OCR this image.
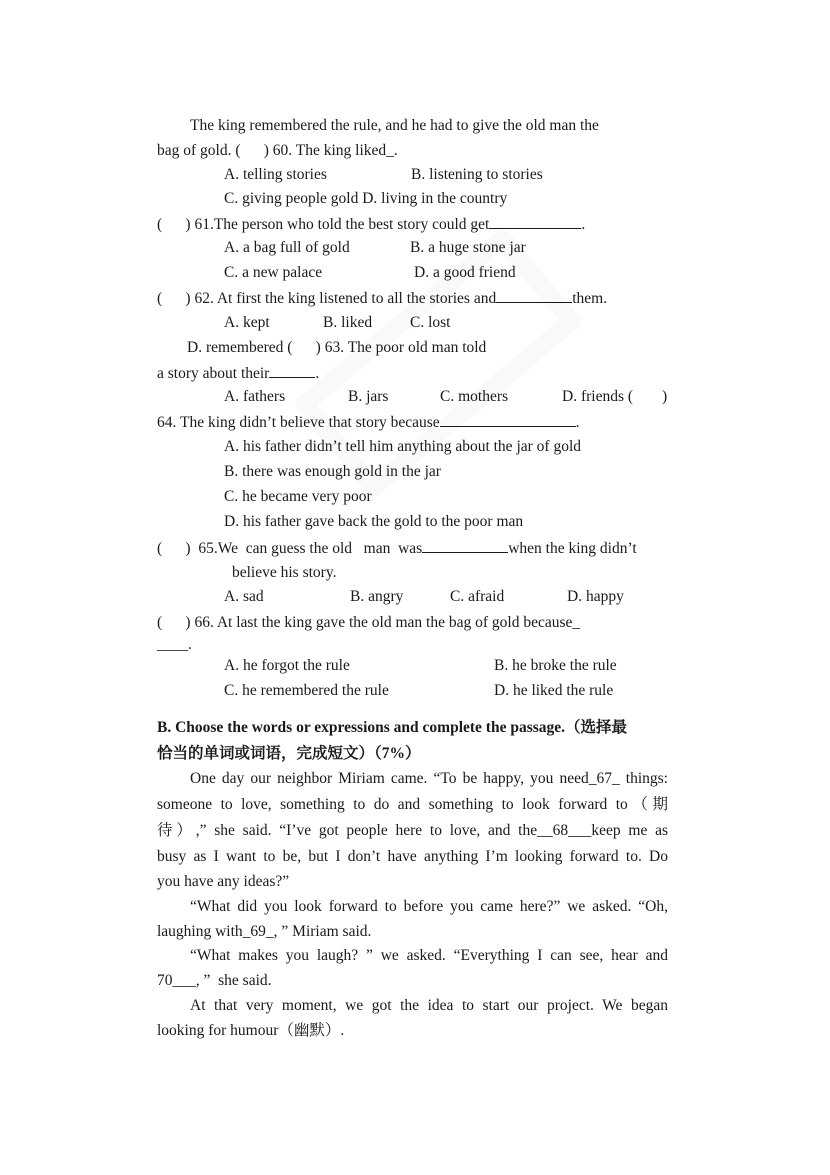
The king remembered the rule, and he had to give the old man the
bag of gold. (      ) 60. The king liked_.
A. telling stories	B. listening to stories
C. giving people gold D. living in the country
(      ) 61.The person who told the best story could get	.
A. a bag full of gold	B. a huge stone jar
C. a new palace	D. a good friend
(      ) 62. At first the king listened to all the stories and	them.
A. kept	B. liked C. lost
D. remembered (      ) 63. The poor old man told
a story about their	.
A. fathers	B. jars	C. mothers	D. friends ( )
64. The king didn’t believe that story because	.
A. his father didn’t tell him anything about the jar of gold
B. there was enough gold in the jar
C. he became very poor
D. his father gave back the gold to the poor man
(      )  65.We  can guess the old   man  was	when the king didn’t
believe his story.
A. sad	B. angry	C. afraid	D. happy
(      ) 66. At last the king gave the old man the bag of gold because_
____.
A. he forgot the rule	B. he broke the rule
C. he remembered the rule	D. he liked the rule
B. Choose the words or expressions and complete the passage.（选择最
恰当的单词或词语，完成短文）（7%）
One day our neighbor Miriam came. “To be happy, you need_67_ things:
someone to love, something to do and something to look forward to（期
待）,” she said. “I’ve got people here to love, and the__68___keep me as
busy as I want to be, but I don’t have anything I’m looking forward to. Do
you have any ideas?”
“What did you look forward to before you came here?” we asked. “Oh,
laughing with_69_, ” Miriam said.
“What makes you laugh? ” we asked. “Everything I can see, hear and
70___, ”  she said.
At that very moment, we got the idea to start our project. We began
looking for humour（幽默）.
